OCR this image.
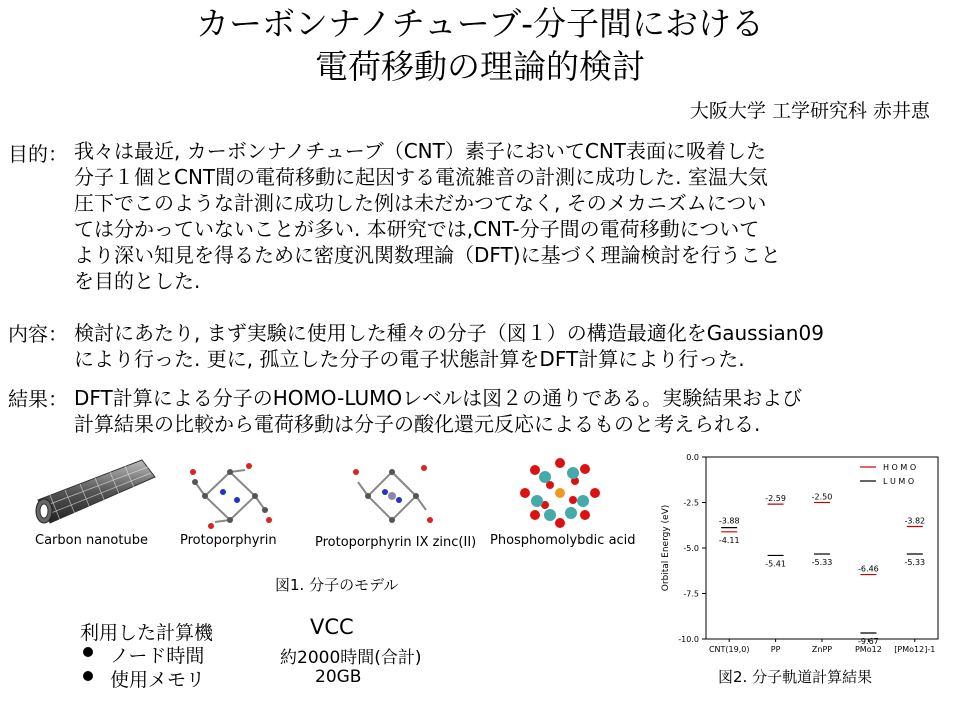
カーボンナノチューブ-分子間における
電荷移動の理論的検討
大阪大学 工学研究科 赤井恵
目的： 我々は最近, カーボンナノチューブ（CNT）素子においてCNT表面に吸着した
分子１個とCNT間の電荷移動に起因する電流雑音の計測に成功した. 室温大気
圧下でこのような計測に成功した例は未だかつてなく, そのメカニズムについ
ては分かっていないことが多い. 本研究では,CNT-分子間の電荷移動について
より深い知見を得るために密度汎関数理論（DFT)に基づく理論検討を行うこと
を目的とした.
内容： 検討にあたり, まず実験に使用した種々の分子（図１）の構造最適化をGaussian09
により行った. 更に, 孤立した分子の電子状態計算をDFT計算により行った.
結果： DFT計算による分子のHOMO-LUMOレベルは図２の通りである。実験結果および
計算結果の比較から電荷移動は分子の酸化還元反応によるものと考えられる.
Carbon nanotube Protoporphyrin	Protoporphyrin IX zinc(II) Phosphomolybdic acid
図1. 分子のモデル
利用した計算機	VCC
ノード時間	約2000時間(合計)
使用メモリ	20GB
Orbital Energy (eV)
0.0
-2.5
-5.0
-7.5
-10.0
CNT(19,0)	PP	ZnPP	PMo12 [PMo12]-1
-4.11
-2.59	-2.50
-6.46
-3.82
-3.88
-5.41	-5.33
-9.67
-5.33
H O M O
L U M O
図2. 分子軌道計算結果
